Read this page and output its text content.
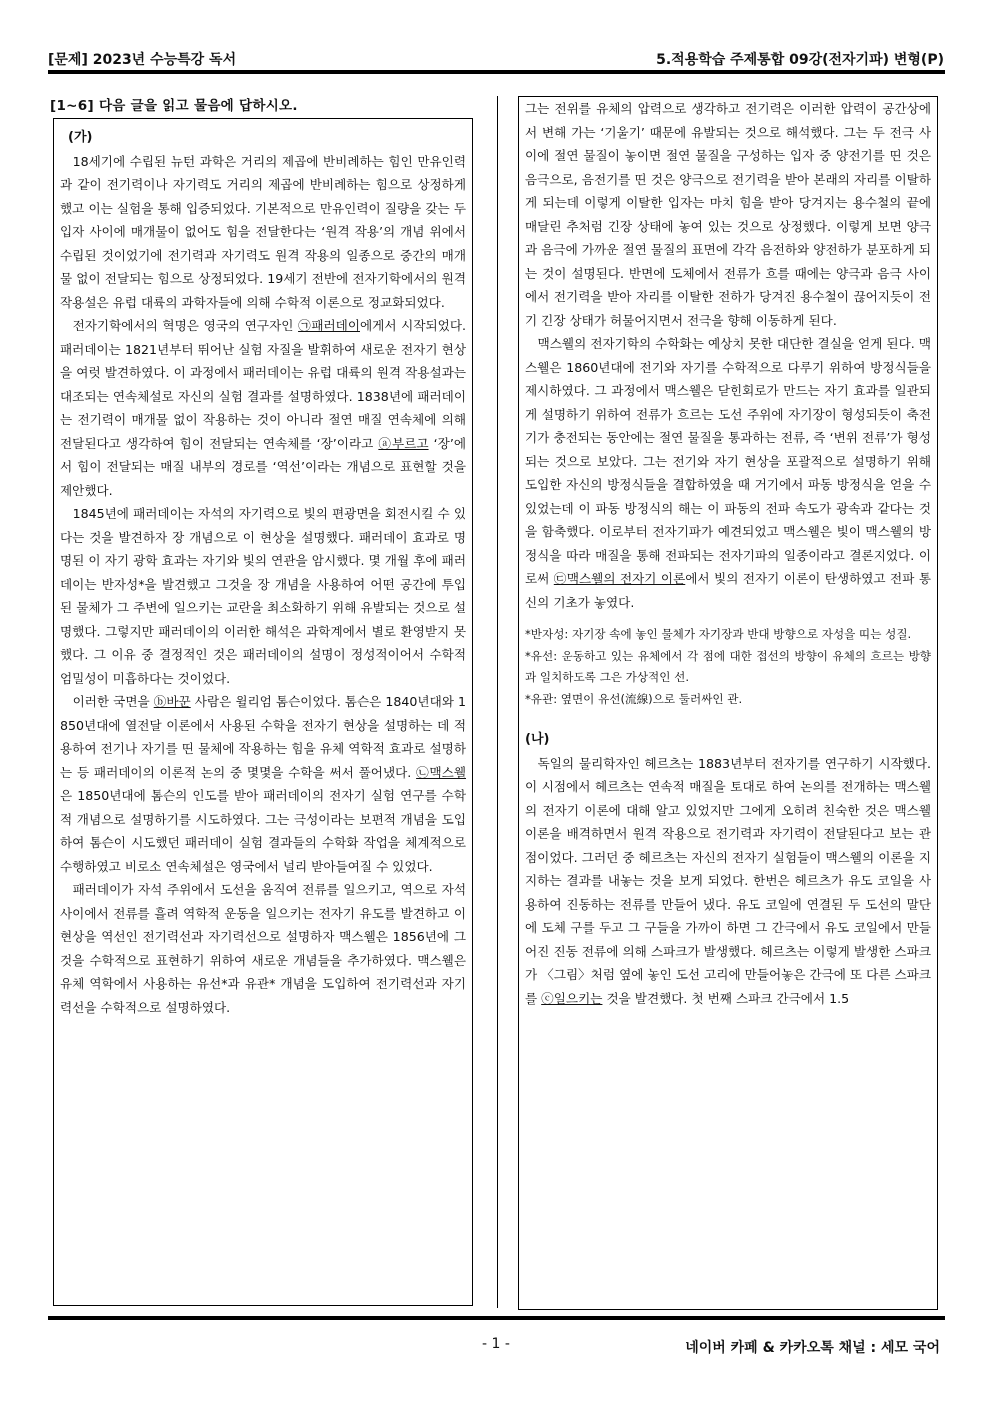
[문제] 2023년 수능특강 독서	5.적용학습 주제통합 09강(전자기파) 변형(P)
[1~6] 다음 글을 읽고 물음에 답하시오.
(가)

18세기에 수립된 뉴턴 과학은 거리의 제곱에 반비례하는 힘인 만유인력과 같이 전기력이나 자기력도 거리의 제곱에 반비례하는 힘으로 상정하게 했고 이는 실험을 통해 입증되었다. 기본적으로 만유인력이 질량을 갖는 두 입자 사이에 매개물이 없어도 힘을 전달한다는 ‘원격 작용’의 개념 위에서 수립된 것이었기에 전기력과 자기력도 원격 작용의 일종으로 중간의 매개물 없이 전달되는 힘으로 상정되었다. 19세기 전반에 전자기학에서의 원격 작용설은 유럽 대륙의 과학자들에 의해 수학적 이론으로 정교화되었다.

전자기학에서의 혁명은 영국의 연구자인 ㉠패러데이에게서 시작되었다. 패러데이는 1821년부터 뛰어난 실험 자질을 발휘하여 새로운 전자기 현상을 여럿 발견하였다. 이 과정에서 패러데이는 유럽 대륙의 원격 작용설과는 대조되는 연속체설로 자신의 실험 결과를 설명하였다. 1838년에 패러데이는 전기력이 매개물 없이 작용하는 것이 아니라 절연 매질 연속체에 의해 전달된다고 생각하여 힘이 전달되는 연속체를 ‘장’이라고 ⓐ부르고 ‘장’에서 힘이 전달되는 매질 내부의 경로를 ‘역선’이라는 개념으로 표현할 것을 제안했다.

1845년에 패러데이는 자석의 자기력으로 빛의 편광면을 회전시킬 수 있다는 것을 발견하자 장 개념으로 이 현상을 설명했다. 패러데이 효과로 명명된 이 자기 광학 효과는 자기와 빛의 연관을 암시했다. 몇 개월 후에 패러데이는 반자성*을 발견했고 그것을 장 개념을 사용하여 어떤 공간에 투입된 물체가 그 주변에 일으키는 교란을 최소화하기 위해 유발되는 것으로 설명했다. 그렇지만 패러데이의 이러한 해석은 과학계에서 별로 환영받지 못했다. 그 이유 중 결정적인 것은 패러데이의 설명이 정성적이어서 수학적 엄밀성이 미흡하다는 것이었다.

이러한 국면을 ⓑ바꾼 사람은 윌리엄 톰슨이었다. 톰슨은 1840년대와 1850년대에 열전달 이론에서 사용된 수학을 전자기 현상을 설명하는 데 적용하여 전기나 자기를 띤 물체에 작용하는 힘을 유체 역학적 효과로 설명하는 등 패러데이의 이론적 논의 중 몇몇을 수학을 써서 풀어냈다. ㉡맥스웰은 1850년대에 톰슨의 인도를 받아 패러데이의 전자기 실험 연구를 수학적 개념으로 설명하기를 시도하였다. 그는 극성이라는 보편적 개념을 도입하여 톰슨이 시도했던 패러데이 실험 결과들의 수학화 작업을 체계적으로 수행하였고 비로소 연속체설은 영국에서 널리 받아들여질 수 있었다.

패러데이가 자석 주위에서 도선을 움직여 전류를 일으키고, 역으로 자석 사이에서 전류를 흘려 역학적 운동을 일으키는 전자기 유도를 발견하고 이 현상을 역선인 전기력선과 자기력선으로 설명하자 맥스웰은 1856년에 그것을 수학적으로 표현하기 위하여 새로운 개념들을 추가하였다. 맥스웰은 유체 역학에서 사용하는 유선*과 유관* 개념을 도입하여 전기력선과 자기력선을 수학적으로 설명하였다.

그는 전위를 유체의 압력으로 생각하고 전기력은 이러한 압력이 공간상에서 변해 가는 ‘기울기’ 때문에 유발되는 것으로 해석했다. 그는 두 전극 사이에 절연 물질이 놓이면 절연 물질을 구성하는 입자 중 양전기를 띤 것은 음극으로, 음전기를 띤 것은 양극으로 전기력을 받아 본래의 자리를 이탈하게 되는데 이렇게 이탈한 입자는 마치 힘을 받아 당겨지는 용수철의 끝에 매달린 추처럼 긴장 상태에 놓여 있는 것으로 상정했다. 이렇게 보면 양극과 음극에 가까운 절연 물질의 표면에 각각 음전하와 양전하가 분포하게 되는 것이 설명된다. 반면에 도체에서 전류가 흐를 때에는 양극과 음극 사이에서 전기력을 받아 자리를 이탈한 전하가 당겨진 용수철이 끊어지듯이 전기 긴장 상태가 허물어지면서 전극을 향해 이동하게 된다.

맥스웰의 전자기학의 수학화는 예상치 못한 대단한 결실을 얻게 된다. 맥스웰은 1860년대에 전기와 자기를 수학적으로 다루기 위하여 방정식들을 제시하였다. 그 과정에서 맥스웰은 닫힌회로가 만드는 자기 효과를 일관되게 설명하기 위하여 전류가 흐르는 도선 주위에 자기장이 형성되듯이 축전기가 충전되는 동안에는 절연 물질을 통과하는 전류, 즉 ‘변위 전류’가 형성되는 것으로 보았다. 그는 전기와 자기 현상을 포괄적으로 설명하기 위해 도입한 자신의 방정식들을 결합하였을 때 거기에서 파동 방정식을 얻을 수 있었는데 이 파동 방정식의 해는 이 파동의 전파 속도가 광속과 같다는 것을 함축했다. 이로부터 전자기파가 예견되었고 맥스웰은 빛이 맥스웰의 방정식을 따라 매질을 통해 전파되는 전자기파의 일종이라고 결론지었다. 이로써 ㉢맥스웰의 전자기 이론에서 빛의 전자기 이론이 탄생하였고 전파 통신의 기초가 놓였다.

*반자성: 자기장 속에 놓인 물체가 자기장과 반대 방향으로 자성을 띠는 성질.

*유선: 운동하고 있는 유체에서 각 점에 대한 접선의 방향이 유체의 흐르는 방향과 일치하도록 그은 가상적인 선.

*유관: 옆면이 유선(流線)으로 둘러싸인 관.

(나)

독일의 물리학자인 헤르츠는 1883년부터 전자기를 연구하기 시작했다. 이 시점에서 헤르츠는 연속적 매질을 토대로 하여 논의를 전개하는 맥스웰의 전자기 이론에 대해 알고 있었지만 그에게 오히려 친숙한 것은 맥스웰 이론을 배격하면서 원격 작용으로 전기력과 자기력이 전달된다고 보는 관점이었다. 그러던 중 헤르츠는 자신의 전자기 실험들이 맥스웰의 이론을 지지하는 결과를 내놓는 것을 보게 되었다. 한번은 헤르츠가 유도 코일을 사용하여 진동하는 전류를 만들어 냈다. 유도 코일에 연결된 두 도선의 말단에 도체 구를 두고 그 구들을 가까이 하면 그 간극에서 유도 코일에서 만들어진 진동 전류에 의해 스파크가 발생했다. 헤르츠는 이렇게 발생한 스파크가 〈그림〉처럼 옆에 놓인 도선 고리에 만들어놓은 간극에 또 다른 스파크를 ⓒ일으키는 것을 발견했다. 첫 번째 스파크 간극에서 1.5

- 1 -	네이버 카페 & 카카오톡 채널 : 세모 국어
